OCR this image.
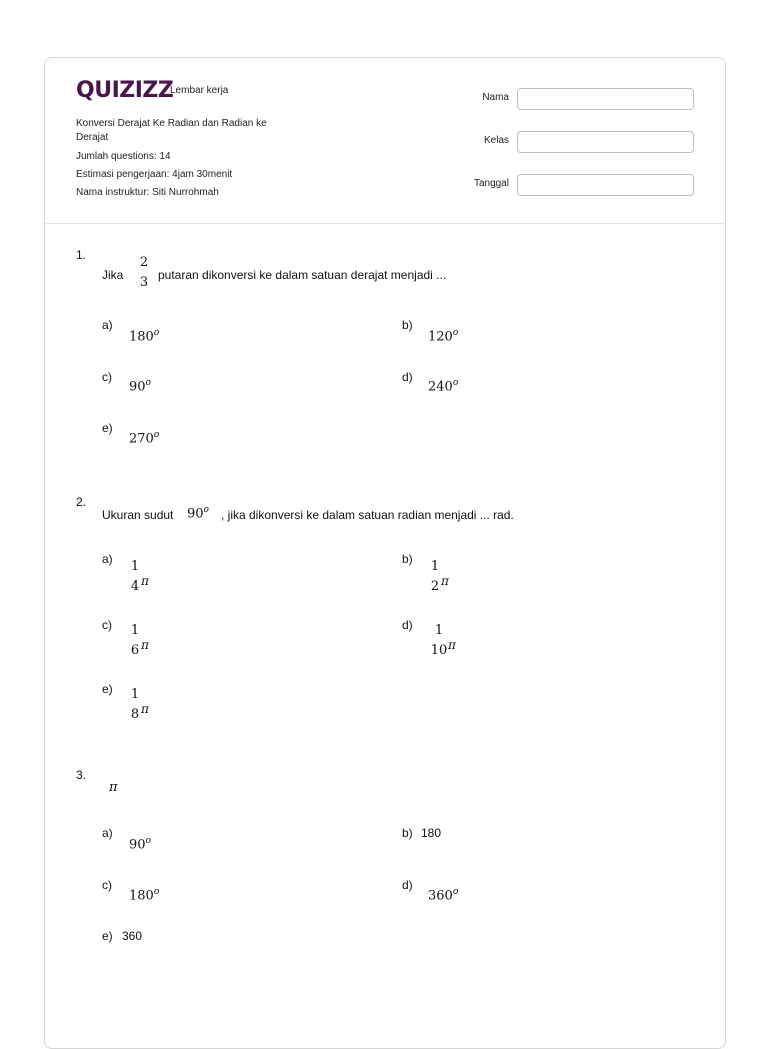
QUIZIZZ
Lembar kerja
Konversi Derajat Ke Radian dan Radian ke
Derajat
Jumlah questions: 14
Estimasi pengerjaan: 4jam 30menit
Nama instruktur: Siti Nurrohmah
Nama
Kelas
Tanggal
1.
Jika
2
3 putaran dikonversi ke dalam satuan derajat menjadi ...
a)
180$^o$
b)
120$^o$
c)
90$^o$	d)
240$^o$
e)
270$^o$
2.
Ukuran sudut 90$^o$ , jika dikonversi ke dalam satuan radian menjadi ... rad.
a) 1
4 π
b) 1
2 π
c) 1
6 π
d)	1
10 π
e) 1
8 π
3.
π
a)
90$^o$
b) 180
c)
180$^o$	d)
360$^o$
e) 360
